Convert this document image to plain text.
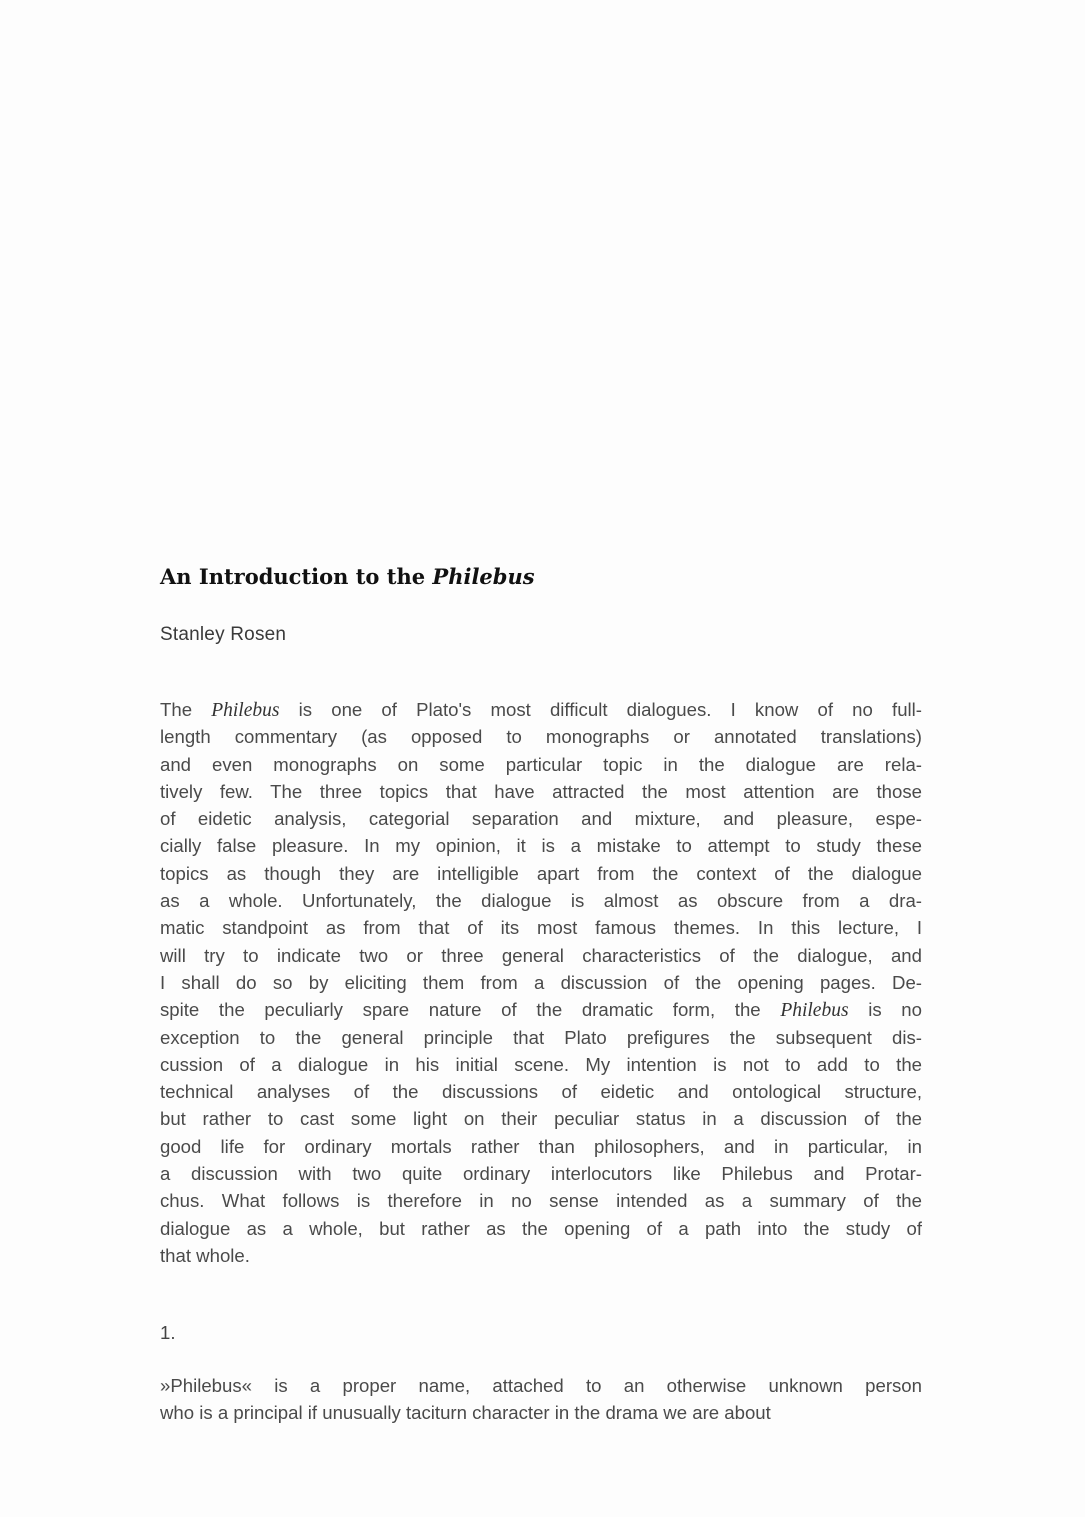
An Introduction to the Philebus

Stanley Rosen

The Philebus is one of Plato's most difficult dialogues. I know of no full-
length commentary (as opposed to monographs or annotated translations)
and even monographs on some particular topic in the dialogue are rela-
tively few. The three topics that have attracted the most attention are those
of eidetic analysis, categorial separation and mixture, and pleasure, espe-
cially false pleasure. In my opinion, it is a mistake to attempt to study these
topics as though they are intelligible apart from the context of the dialogue
as a whole. Unfortunately, the dialogue is almost as obscure from a dra-
matic standpoint as from that of its most famous themes. In this lecture, I
will try to indicate two or three general characteristics of the dialogue, and
I shall do so by eliciting them from a discussion of the opening pages. De-
spite the peculiarly spare nature of the dramatic form, the Philebus is no
exception to the general principle that Plato prefigures the subsequent dis-
cussion of a dialogue in his initial scene. My intention is not to add to the
technical analyses of the discussions of eidetic and ontological structure,
but rather to cast some light on their peculiar status in a discussion of the
good life for ordinary mortals rather than philosophers, and in particular, in
a discussion with two quite ordinary interlocutors like Philebus and Protar-
chus. What follows is therefore in no sense intended as a summary of the
dialogue as a whole, but rather as the opening of a path into the study of
that whole.

1.

»Philebus« is a proper name, attached to an otherwise unknown person
who is a principal if unusually taciturn character in the drama we are about
